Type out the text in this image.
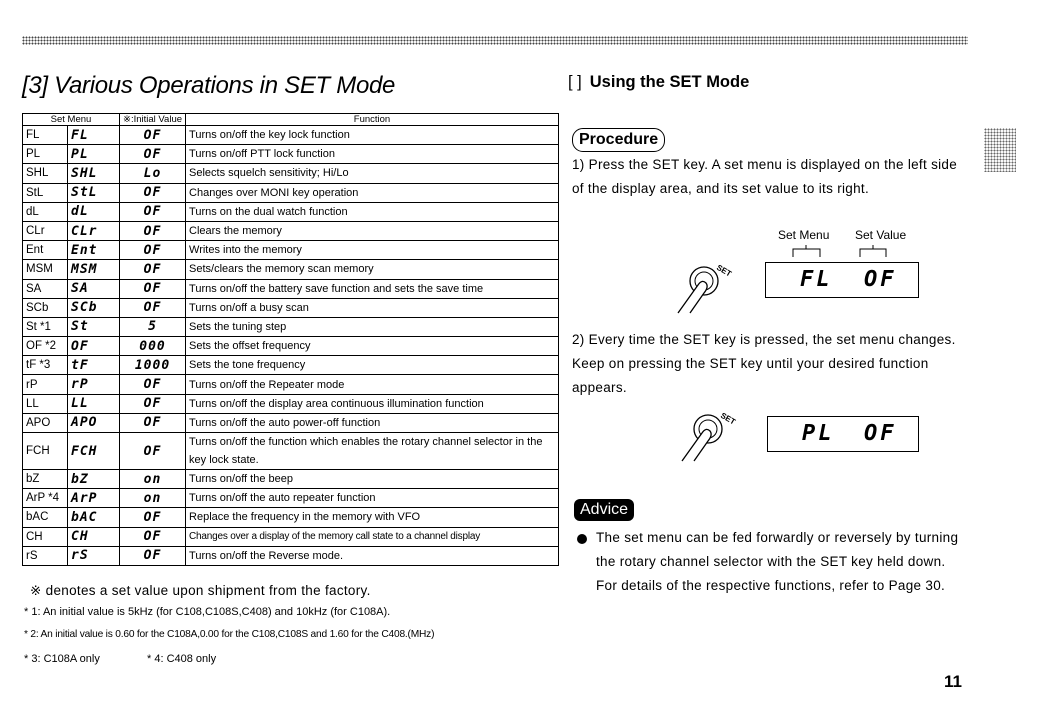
[3] Various Operations in SET Mode
Set Menu		※:Initial Value	Function
FL	FL	OF	Turns on/off the key lock function
PL	PL	OF	Turns on/off PTT lock function
SHL	SHL	Lo	Selects squelch sensitivity; Hi/Lo
StL	StL	OF	Changes over MONI key operation
dL	dL	OF	Turns on the dual watch function
CLr	CLr	OF	Clears the memory
Ent	Ent	OF	Writes into the memory
MSM	MSM	OF	Sets/clears the memory scan memory
SA	SA	OF	Turns on/off the battery save function and sets the save time
SCb	SCb	OF	Turns on/off a busy scan
St *1	St	5	Sets the tuning step
OF *2	OF	000	Sets the offset frequency
tF *3	tF	1000	Sets the tone frequency
rP	rP	OF	Turns on/off the Repeater mode
LL	LL	OF	Turns on/off the display area continuous illumination function
APO	APO	OF	Turns on/off the auto power-off function
FCH	FCH	OF	Turns on/off the function which enables the rotary channel selector in the key lock state.
bZ	bZ	on	Turns on/off the beep
ArP *4	ArP	on	Turns on/off the auto repeater function
bAC	bAC	OF	Replace the frequency in the memory with VFO
CH	CH	OF	Changes over a display of the memory call state to a channel display
rS	rS	OF	Turns on/off the Reverse mode.
※ denotes a set value upon shipment from the factory.
* 1: An initial value is 5kHz (for C108,C108S,C408) and 10kHz (for C108A).
* 2: An initial value is 0.60 for the C108A,0.00 for the C108,C108S and 1.60 for the C408.(MHz)
* 3: C108A only	* 4: C408 only
[ ] Using the SET Mode
Procedure
1) Press the SET key. A set menu is displayed on the left side of the display area, and its set value to its right.
Set Menu Set Value
SET	FL OF
2) Every time the SET key is pressed, the set menu changes. Keep on pressing the SET key until your desired function appears.
SET
PL OF
Advice
The set menu can be fed forwardly or reversely by turning the rotary channel selector with the SET key held down. For details of the respective functions, refer to Page 30.
11
